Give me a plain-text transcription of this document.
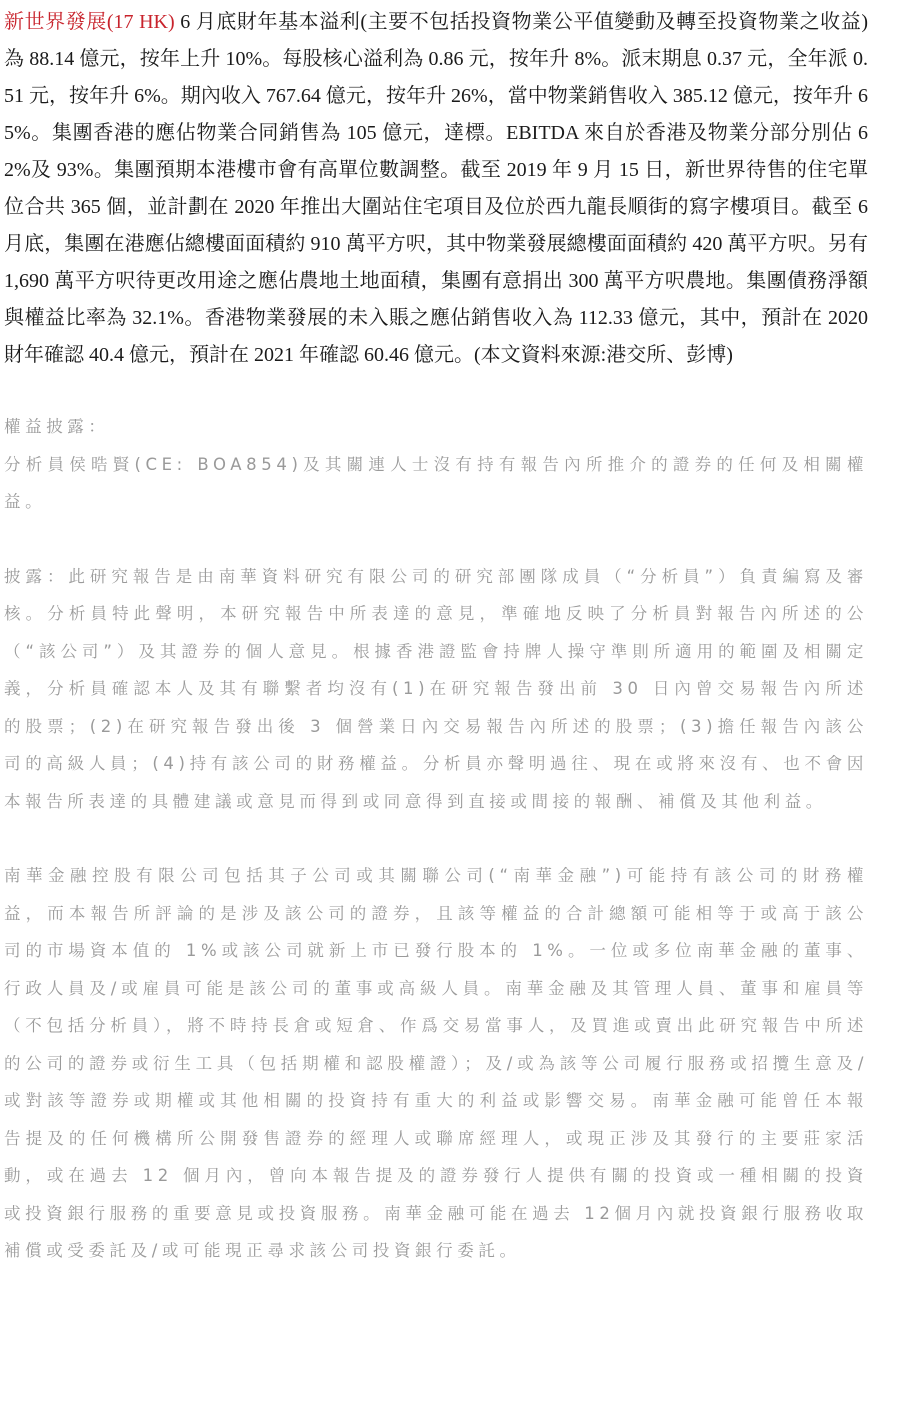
新世界發展(17 HK) 6 月底財年基本溢利(主要不包括投資物業公平值變動及轉至投資物業之收益) 為 88.14 億元，按年上升 10%。每股核心溢利為 0.86 元，按年升 8%。派末期息 0.37 元，全年派 0.51 元，按年升 6%。期內收入 767.64 億元，按年升 26%，當中物業銷售收入 385.12 億元，按年升 65%。集團香港的應佔物業合同銷售為 105 億元，達標。EBITDA 來自於香港及物業分部分別佔 62%及 93%。集團預期本港樓市會有高單位數調整。截至 2019 年 9 月 15 日，新世界待售的住宅單位合共 365 個，並計劃在 2020 年推出大圍站住宅項目及位於西九龍長順街的寫字樓項目。截至 6 月底，集團在港應佔總樓面面積約 910 萬平方呎，其中物業發展總樓面面積約 420 萬平方呎。另有 1,690 萬平方呎待更改用途之應佔農地土地面積，集團有意捐出 300 萬平方呎農地。集團債務淨額與權益比率為 32.1%。香港物業發展的未入賬之應佔銷售收入為 112.33 億元，其中，預計在 2020 財年確認 40.4 億元，預計在 2021 年確認 60.46 億元。(本文資料來源:港交所、彭博)

權益披露：

分析員侯晧賢(CE: BOA854)及其關連人士沒有持有報告內所推介的證券的任何及相關權益。

披露：此研究報告是由南華資料研究有限公司的研究部團隊成員（“分析員”）負責編寫及審核。分析員特此聲明，本研究報告中所表達的意見，準確地反映了分析員對報告內所述的公（“該公司”）及其證券的個人意見。根據香港證監會持牌人操守準則所適用的範圍及相關定義，分析員確認本人及其有聯繫者均沒有(1)在研究報告發出前 30 日內曾交易報告內所述的股票；(2)在研究報告發出後 3 個營業日內交易報告內所述的股票；(3)擔任報告內該公司的高級人員；(4)持有該公司的財務權益。分析員亦聲明過往、現在或將來沒有、也不會因本報告所表達的具體建議或意見而得到或同意得到直接或間接的報酬、補償及其他利益。

南華金融控股有限公司包括其子公司或其關聯公司(“南華金融”)可能持有該公司的財務權益，而本報告所評論的是涉及該公司的證券，且該等權益的合計總額可能相等于或高于該公司的市場資本值的 1%或該公司就新上市已發行股本的 1%。一位或多位南華金融的董事、行政人員及/或雇員可能是該公司的董事或高級人員。南華金融及其管理人員、董事和雇員等（不包括分析員），將不時持長倉或短倉、作爲交易當事人，及買進或賣出此研究報告中所述的公司的證券或衍生工具（包括期權和認股權證）；及/或為該等公司履行服務或招攬生意及/或對該等證券或期權或其他相關的投資持有重大的利益或影響交易。南華金融可能曾任本報告提及的任何機構所公開發售證券的經理人或聯席經理人，或現正涉及其發行的主要莊家活動，或在過去 12 個月內，曾向本報告提及的證券發行人提供有關的投資或一種相關的投資或投資銀行服務的重要意見或投資服務。南華金融可能在過去 12個月內就投資銀行服務收取補償或受委託及/或可能現正尋求該公司投資銀行委託。
